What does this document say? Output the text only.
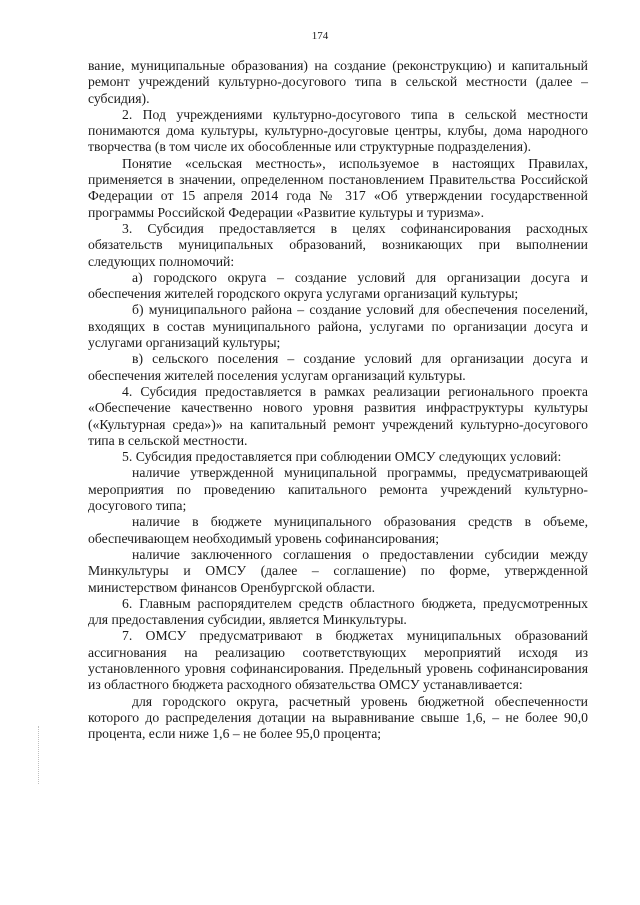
174

вание, муниципальные образования) на создание (реконструкцию) и капитальный ремонт учреждений культурно-досугового типа в сельской местности (далее – субсидия).

2. Под учреждениями культурно-досугового типа в сельской местности понимаются дома культуры, культурно-досуговые центры, клубы, дома народного творчества (в том числе их обособленные или структурные подразделения).

Понятие «сельская местность», используемое в настоящих Правилах, применяется в значении, определенном постановлением Правительства Российской Федерации от 15 апреля 2014 года № 317 «Об утверждении государственной программы Российской Федерации «Развитие культуры и туризма».

3. Субсидия предоставляется в целях софинансирования расходных обязательств муниципальных образований, возникающих при выполнении следующих полномочий:

а) городского округа – создание условий для организации досуга и обеспечения жителей городского округа услугами организаций культуры;

б) муниципального района – создание условий для обеспечения поселений, входящих в состав муниципального района, услугами по организации досуга и услугами организаций культуры;

в) сельского поселения – создание условий для организации досуга и обеспечения жителей поселения услугам организаций культуры.

4. Субсидия предоставляется в рамках реализации регионального проекта «Обеспечение качественно нового уровня развития инфраструктуры культуры («Культурная среда»)» на капитальный ремонт учреждений культурно-досугового типа в сельской местности.

5. Субсидия предоставляется при соблюдении ОМСУ следующих условий:

наличие утвержденной муниципальной программы, предусматривающей мероприятия по проведению капитального ремонта учреждений культурно-досугового типа;

наличие в бюджете муниципального образования средств в объеме, обеспечивающем необходимый уровень софинансирования;

наличие заключенного соглашения о предоставлении субсидии между Минкультуры и ОМСУ (далее – соглашение) по форме, утвержденной министерством финансов Оренбургской области.

6. Главным распорядителем средств областного бюджета, предусмотренных для предоставления субсидии, является Минкультуры.

7. ОМСУ предусматривают в бюджетах муниципальных образований ассигнования на реализацию соответствующих мероприятий исходя из установленного уровня софинансирования. Предельный уровень софинансирования из областного бюджета расходного обязательства ОМСУ устанавливается:

для городского округа, расчетный уровень бюджетной обеспеченности которого до распределения дотации на выравнивание свыше 1,6, – не более 90,0 процента, если ниже 1,6 – не более 95,0 процента;
